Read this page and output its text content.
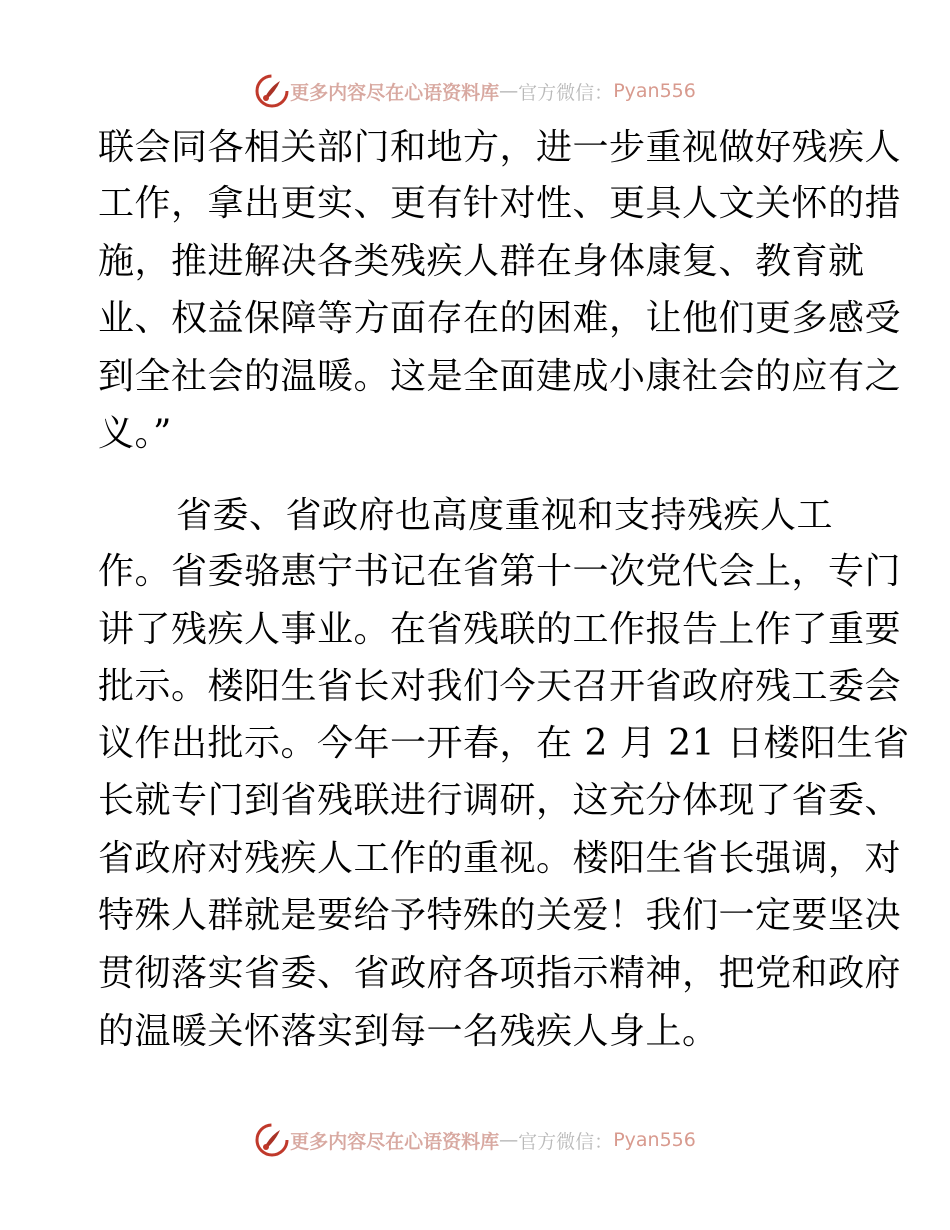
更多内容尽在心语资料库 — 官方微信： Pyan556
联会同各相关部门和地方，进一步重视做好残疾人
工作，拿出更实、更有针对性、更具人文关怀的措
施，推进解决各类残疾人群在身体康复、教育就
业、权益保障等方面存在的困难，让他们更多感受
到全社会的温暖。这是全面建成小康社会的应有之
义。”
省委、省政府也高度重视和支持残疾人工
作。省委骆惠宁书记在省第十一次党代会上，专门
讲了残疾人事业。在省残联的工作报告上作了重要
批示。楼阳生省长对我们今天召开省政府残工委会
议作出批示。今年一开春，在 2 月 21 日楼阳生省
长就专门到省残联进行调研，这充分体现了省委、
省政府对残疾人工作的重视。楼阳生省长强调，对
特殊人群就是要给予特殊的关爱！我们一定要坚决
贯彻落实省委、省政府各项指示精神，把党和政府
的温暖关怀落实到每一名残疾人身上。
更多内容尽在心语资料库 — 官方微信： Pyan556
